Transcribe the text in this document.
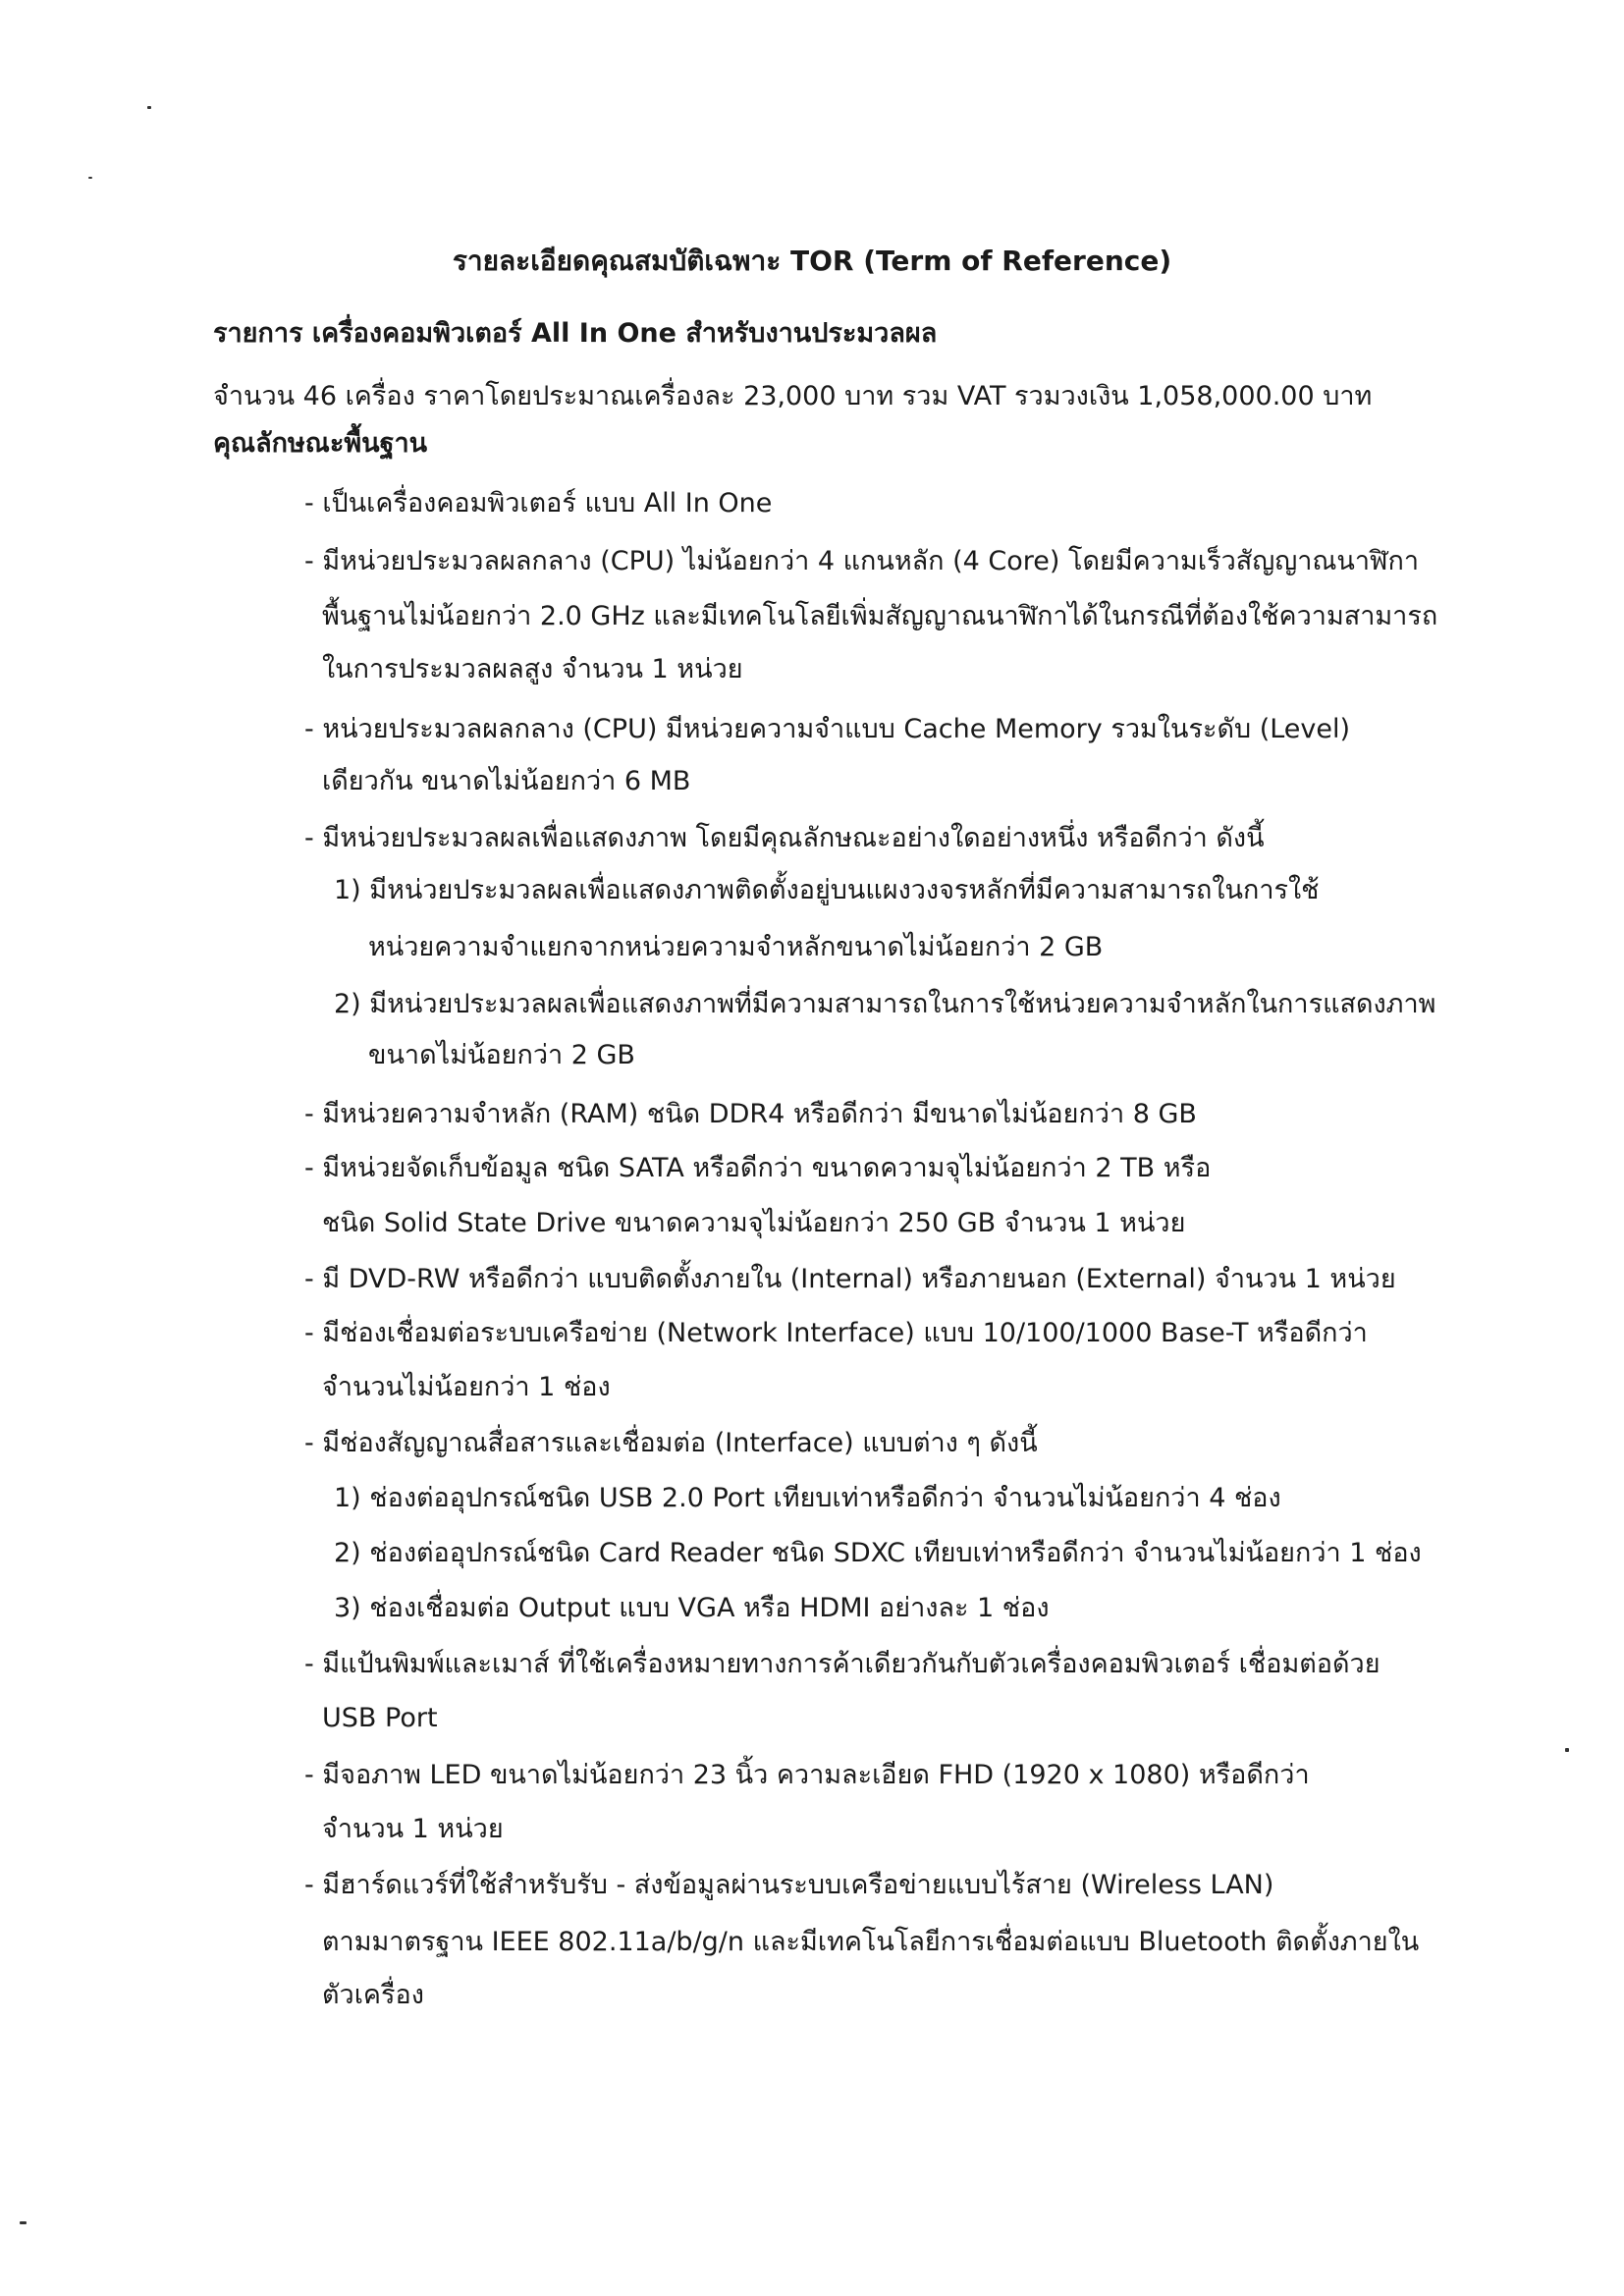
รายละเอียดคุณสมบัติเฉพาะ TOR (Term of Reference)
รายการ เครื่องคอมพิวเตอร์ All In One สำหรับงานประมวลผล
จำนวน 46 เครื่อง ราคาโดยประมาณเครื่องละ 23,000 บาท รวม VAT รวมวงเงิน 1,058,000.00 บาท
คุณลักษณะพื้นฐาน
- เป็นเครื่องคอมพิวเตอร์ แบบ All In One
- มีหน่วยประมวลผลกลาง (CPU) ไม่น้อยกว่า 4 แกนหลัก (4 Core) โดยมีความเร็วสัญญาณนาฬิกา
พื้นฐานไม่น้อยกว่า 2.0 GHz และมีเทคโนโลยีเพิ่มสัญญาณนาฬิกาได้ในกรณีที่ต้องใช้ความสามารถ
ในการประมวลผลสูง จำนวน 1 หน่วย
- หน่วยประมวลผลกลาง (CPU) มีหน่วยความจำแบบ Cache Memory รวมในระดับ (Level)
เดียวกัน ขนาดไม่น้อยกว่า 6 MB
- มีหน่วยประมวลผลเพื่อแสดงภาพ โดยมีคุณลักษณะอย่างใดอย่างหนึ่ง หรือดีกว่า ดังนี้
1) มีหน่วยประมวลผลเพื่อแสดงภาพติดตั้งอยู่บนแผงวงจรหลักที่มีความสามารถในการใช้
หน่วยความจำแยกจากหน่วยความจำหลักขนาดไม่น้อยกว่า 2 GB
2) มีหน่วยประมวลผลเพื่อแสดงภาพที่มีความสามารถในการใช้หน่วยความจำหลักในการแสดงภาพ
ขนาดไม่น้อยกว่า 2 GB
- มีหน่วยความจำหลัก (RAM) ชนิด DDR4 หรือดีกว่า มีขนาดไม่น้อยกว่า 8 GB
- มีหน่วยจัดเก็บข้อมูล ชนิด SATA หรือดีกว่า ขนาดความจุไม่น้อยกว่า 2 TB หรือ
ชนิด Solid State Drive ขนาดความจุไม่น้อยกว่า 250 GB จำนวน 1 หน่วย
- มี DVD-RW หรือดีกว่า แบบติดตั้งภายใน (Internal) หรือภายนอก (External) จำนวน 1 หน่วย
- มีช่องเชื่อมต่อระบบเครือข่าย (Network Interface) แบบ 10/100/1000 Base-T หรือดีกว่า
จำนวนไม่น้อยกว่า 1 ช่อง
- มีช่องสัญญาณสื่อสารและเชื่อมต่อ (Interface) แบบต่าง ๆ ดังนี้
1) ช่องต่ออุปกรณ์ชนิด USB 2.0 Port เทียบเท่าหรือดีกว่า จำนวนไม่น้อยกว่า 4 ช่อง
2) ช่องต่ออุปกรณ์ชนิด Card Reader ชนิด SDXC เทียบเท่าหรือดีกว่า จำนวนไม่น้อยกว่า 1 ช่อง
3) ช่องเชื่อมต่อ Output แบบ VGA หรือ HDMI อย่างละ 1 ช่อง
- มีแป้นพิมพ์และเมาส์ ที่ใช้เครื่องหมายทางการค้าเดียวกันกับตัวเครื่องคอมพิวเตอร์ เชื่อมต่อด้วย
USB Port
- มีจอภาพ LED ขนาดไม่น้อยกว่า 23 นิ้ว ความละเอียด FHD (1920 x 1080) หรือดีกว่า
จำนวน 1 หน่วย
- มีฮาร์ดแวร์ที่ใช้สำหรับรับ - ส่งข้อมูลผ่านระบบเครือข่ายแบบไร้สาย (Wireless LAN)
ตามมาตรฐาน IEEE 802.11a/b/g/n และมีเทคโนโลยีการเชื่อมต่อแบบ Bluetooth ติดตั้งภายใน
ตัวเครื่อง
